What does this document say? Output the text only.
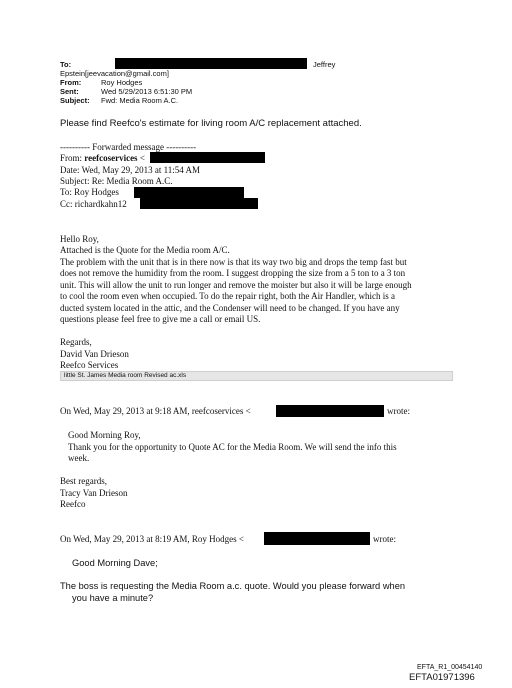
To:	Jeffrey
Epstein[jeevacation@gmail.com]
From:	Roy Hodges
Sent:	Wed 5/29/2013 6:51:30 PM
Subject: Fwd: Media Room A.C.
Please find Reefco's estimate for living room A/C replacement attached.
---------- Forwarded message ----------
From: reefcoservices <
Date: Wed, May 29, 2013 at 11:54 AM
Subject: Re: Media Room A.C.
To: Roy Hodges
Cc: richardkahn12
Hello Roy,
Attached is the Quote for the Media room A/C.
The problem with the unit that is in there now is that its way two big and drops the temp fast but
does not remove the humidity from the room. I suggest dropping the size from a 5 ton to a 3 ton
unit. This will allow the unit to run longer and remove the moister but also it will be large enough
to cool the room even when occupied. To do the repair right, both the Air Handler, which is a
ducted system located in the attic, and the Condenser will need to be changed. If you have any
questions please feel free to give me a call or email US.
Regards,
David Van Drieson
Reefco Services
little St. James Media room Revised ac.xls
On Wed, May 29, 2013 at 9:18 AM, reefcoservices <	wrote:
Good Morning Roy,
Thank you for the opportunity to Quote AC for the Media Room. We will send the info this
week.
Best regards,
Tracy Van Drieson
Reefco
On Wed, May 29, 2013 at 8:19 AM, Roy Hodges <	wrote:
Good Morning Dave;
The boss is requesting the Media Room a.c. quote. Would you please forward when
you have a minute?
EFTA_R1_00454140
EFTA01971396
